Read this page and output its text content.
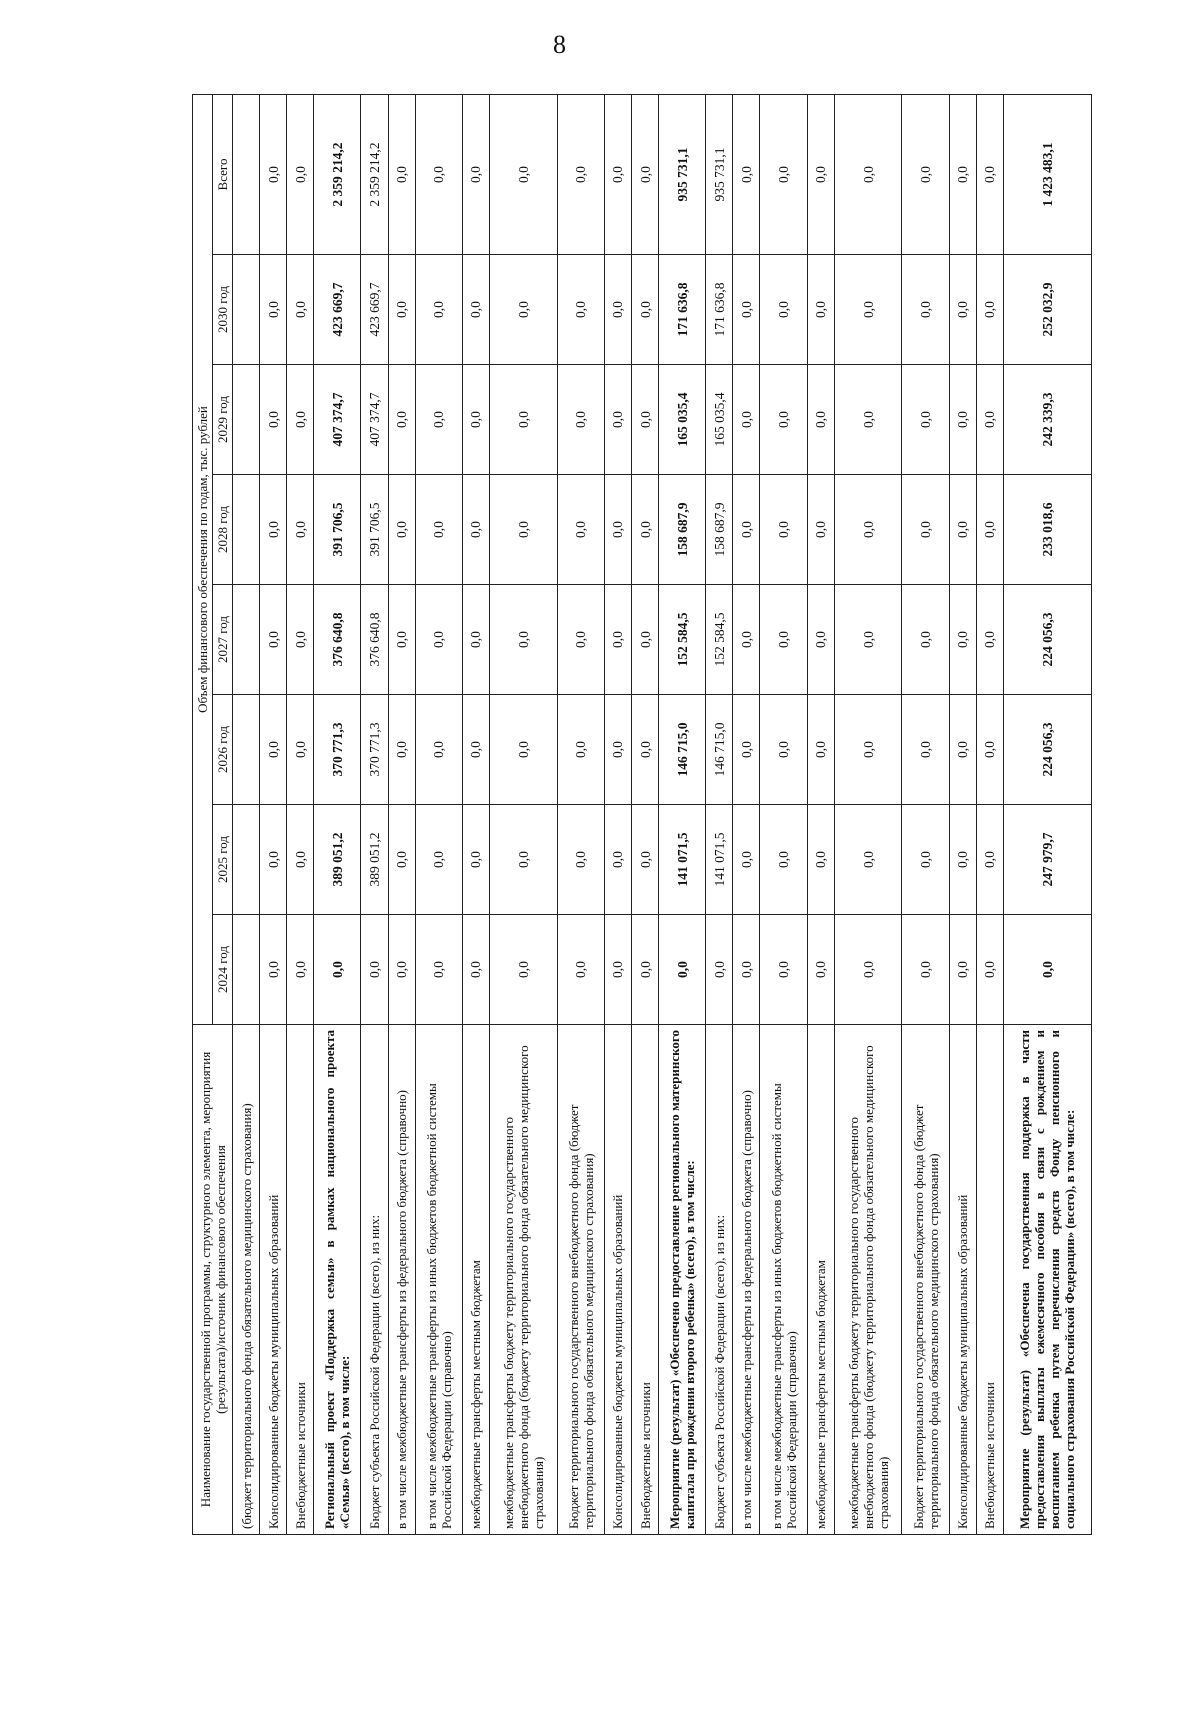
8
Наименование государственной программы, структурного элемента, мероприятия (результата)/источник финансового обеспечения	Объем финансового обеспечения по годам, тыс. рублей							
	2024 год	2025 год	2026 год	2027 год	2028 год	2029 год	2030 год	Всего
(бюджет территориального фонда обязательного медицинского страхования)								
Консолидированные бюджеты муниципальных образований	0,0	0,0	0,0	0,0	0,0	0,0	0,0	0,0
Внебюджетные источники	0,0	0,0	0,0	0,0	0,0	0,0	0,0	0,0
Региональный проект «Поддержка семьи» в рамках национального проекта «Семья» (всего), в том числе:	0,0	389 051,2	370 771,3	376 640,8	391 706,5	407 374,7	423 669,7	2 359 214,2
Бюджет субъекта Российской Федерации (всего), из них:	0,0	389 051,2	370 771,3	376 640,8	391 706,5	407 374,7	423 669,7	2 359 214,2
в том числе межбюджетные трансферты из федерального бюджета (справочно)	0,0	0,0	0,0	0,0	0,0	0,0	0,0	0,0
в том числе межбюджетные трансферты из иных бюджетов бюджетной системы Российской Федерации (справочно)	0,0	0,0	0,0	0,0	0,0	0,0	0,0	0,0
межбюджетные трансферты местным бюджетам	0,0	0,0	0,0	0,0	0,0	0,0	0,0	0,0
межбюджетные трансферты бюджету территориального государственного внебюджетного фонда (бюджету территориального фонда обязательного медицинского страхования)	0,0	0,0	0,0	0,0	0,0	0,0	0,0	0,0
Бюджет территориального государственного внебюджетного фонда (бюджет территориального фонда обязательного медицинского страхования)	0,0	0,0	0,0	0,0	0,0	0,0	0,0	0,0
Консолидированные бюджеты муниципальных образований	0,0	0,0	0,0	0,0	0,0	0,0	0,0	0,0
Внебюджетные источники	0,0	0,0	0,0	0,0	0,0	0,0	0,0	0,0
Мероприятие (результат) «Обеспечено предоставление регионального материнского капитала при рождении второго ребенка» (всего), в том числе:	0,0	141 071,5	146 715,0	152 584,5	158 687,9	165 035,4	171 636,8	935 731,1
Бюджет субъекта Российской Федерации (всего), из них:	0,0	141 071,5	146 715,0	152 584,5	158 687,9	165 035,4	171 636,8	935 731,1
в том числе межбюджетные трансферты из федерального бюджета (справочно)	0,0	0,0	0,0	0,0	0,0	0,0	0,0	0,0
в том числе межбюджетные трансферты из иных бюджетов бюджетной системы Российской Федерации (справочно)	0,0	0,0	0,0	0,0	0,0	0,0	0,0	0,0
межбюджетные трансферты местным бюджетам	0,0	0,0	0,0	0,0	0,0	0,0	0,0	0,0
межбюджетные трансферты бюджету территориального государственного внебюджетного фонда (бюджету территориального фонда обязательного медицинского страхования)	0,0	0,0	0,0	0,0	0,0	0,0	0,0	0,0
Бюджет территориального государственного внебюджетного фонда (бюджет территориального фонда обязательного медицинского страхования)	0,0	0,0	0,0	0,0	0,0	0,0	0,0	0,0
Консолидированные бюджеты муниципальных образований	0,0	0,0	0,0	0,0	0,0	0,0	0,0	0,0
Внебюджетные источники	0,0	0,0	0,0	0,0	0,0	0,0	0,0	0,0
Мероприятие (результат) «Обеспечена государственная поддержка в части предоставления выплаты ежемесячного пособия в связи с рождением и воспитанием ребенка путем перечисления средств Фонду пенсионного и социального страхования Российской Федерации» (всего), в том числе:	0,0	247 979,7	224 056,3	224 056,3	233 018,6	242 339,3	252 032,9	1 423 483,1
